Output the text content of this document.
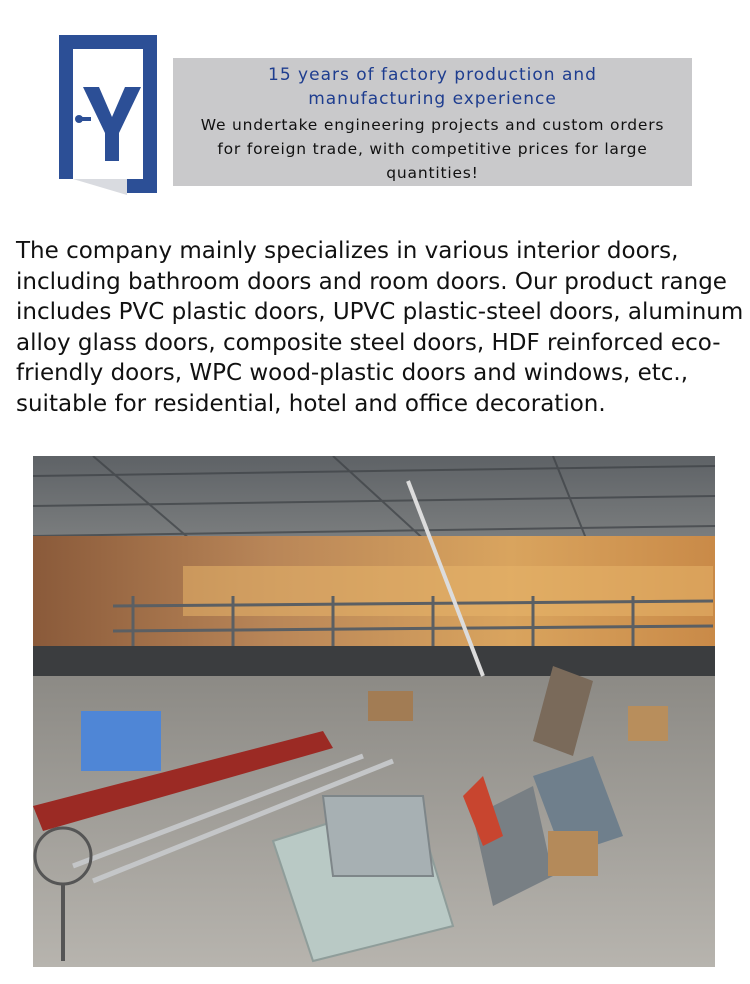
15 years of factory production and manufacturing experience
We undertake engineering projects and custom orders for foreign trade, with competitive prices for large quantities!

The company mainly specializes in various interior doors, including bathroom doors and room doors. Our product range includes PVC plastic doors, UPVC plastic-steel doors, aluminum alloy glass doors, composite steel doors, HDF reinforced eco-friendly doors, WPC wood-plastic doors and windows, etc., suitable for residential, hotel and office decoration.
